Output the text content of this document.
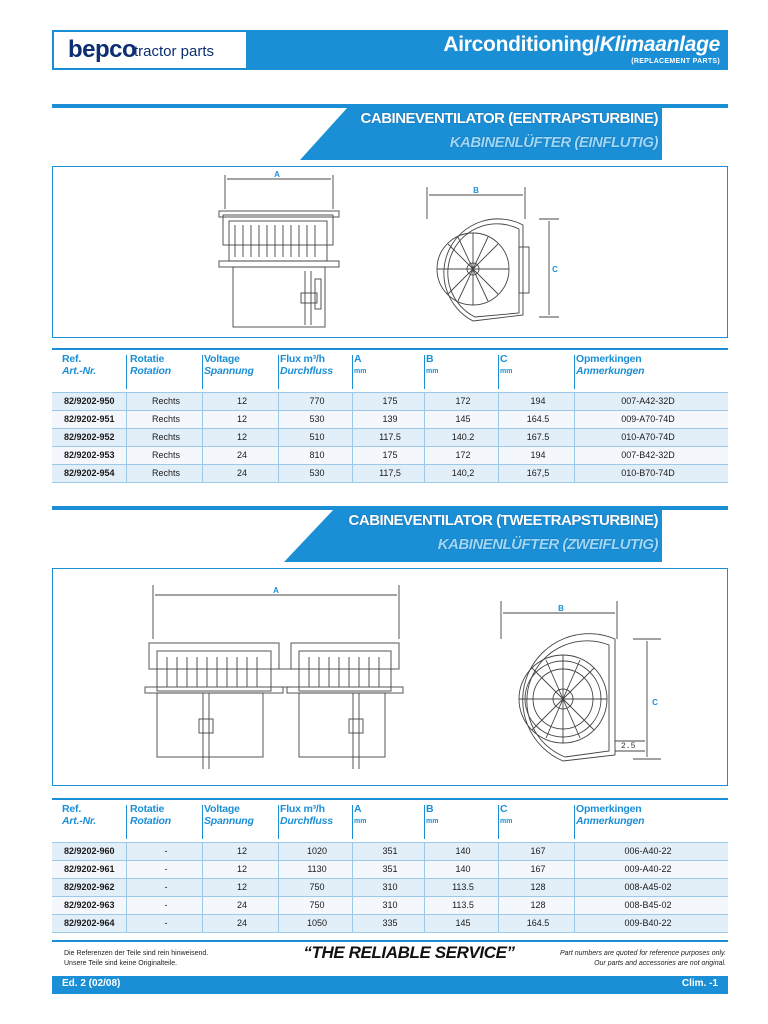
bepco
tractor parts	Airconditioning/Klimaanlage
(REPLACEMENT PARTS)
CABINEVENTILATOR (EENTRAPSTURBINE)
KABINENLÜFTER (EINFLUTIG)
A
B
C
Ref.
Art.-Nr.
Rotatie
Rotation
Voltage
Spannung
Flux m³/h
Durchfluss
A
mm
B
mm
C
mm
Opmerkingen
Anmerkungen
82/9202-950	Rechts	12	770	175	172	194	007-A42-32D
82/9202-951	Rechts	12	530	139	145	164.5	009-A70-74D
82/9202-952	Rechts	12	510	117.5	140.2	167.5	010-A70-74D
82/9202-953	Rechts	24	810	175	172	194	007-B42-32D
82/9202-954	Rechts	24	530	117,5	140,2	167,5	010-B70-74D
CABINEVENTILATOR (TWEETRAPSTURBINE)
KABINENLÜFTER (ZWEIFLUTIG)
A
B
C
2.5
Ref.
Art.-Nr.
Rotatie
Rotation
Voltage
Spannung
Flux m³/h
Durchfluss
A
mm
B
mm
C
mm
Opmerkingen
Anmerkungen
82/9202-960	-	12	1020	351	140	167	006-A40-22
82/9202-961	-	12	1130	351	140	167	009-A40-22
82/9202-962	-	12	750	310	113.5	128	008-A45-02
82/9202-963	-	24	750	310	113.5	128	008-B45-02
82/9202-964	-	24	1050	335	145	164.5	009-B40-22
Die Referenzen der Teile sind rein hinweisend.
Unsere Teile sind keine Originalteile.
“THE RELIABLE SERVICE”	Part numbers are quoted for reference purposes only.
Our parts and accessories are not original.
Ed. 2 (02/08)	Clim. -1
